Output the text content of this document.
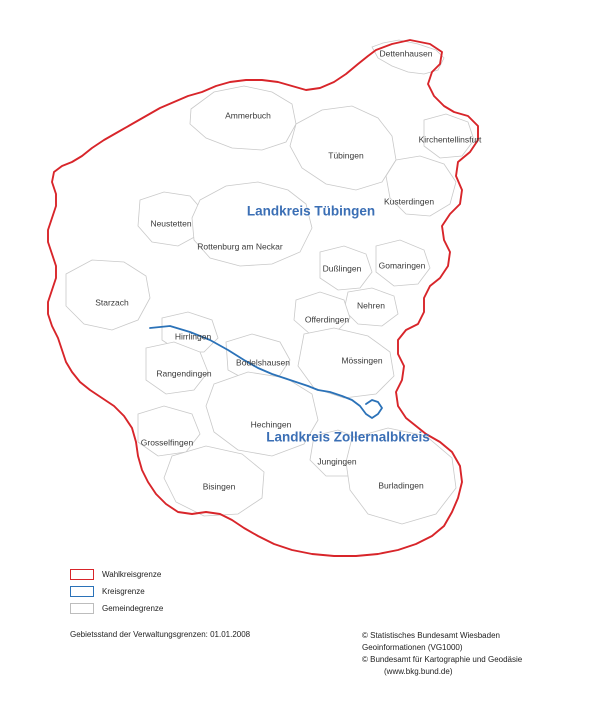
Dettenhausen
Ammerbuch
Kirchentellinsfurt
Tübingen
Kusterdingen
Neustetten
Rottenburg am Neckar
Dußlingen Gomaringen
Starzach	Nehren
Offerdingen
Hirrlingen
Bodelshausen	Mössingen
Rangendingen
Hechingen
Grosselfingen
Jungingen
Bisingen	Burladingen
Landkreis Tübingen
Landkreis Zollernalbkreis
Wahlkreisgrenze
Kreisgrenze
Gemeindegrenze
Gebietsstand der Verwaltungsgrenzen: 01.01.2008	© Statistisches Bundesamt Wiesbaden
Geoinformationen (VG1000)
© Bundesamt für Kartographie und Geodäsie
(www.bkg.bund.de)
